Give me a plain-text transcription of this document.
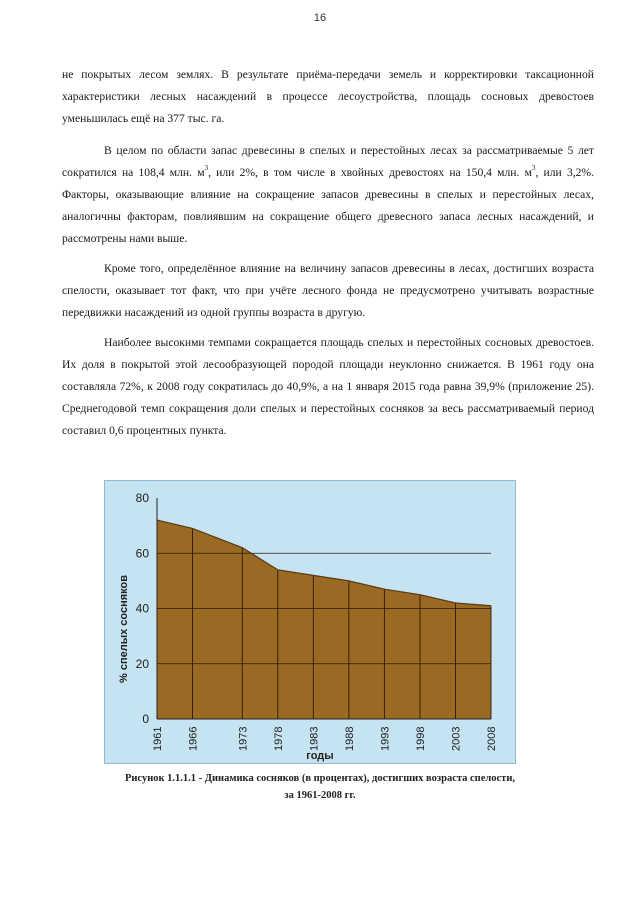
16

не покрытых лесом землях. В результате приёма-передачи земель и корректировки таксационной характеристики лесных насаждений в процессе лесоустройства, площадь сосновых древостоев уменьшилась ещё на 377 тыс. га.

В целом по области запас древесины в спелых и перестойных лесах за рассматриваемые 5 лет сократился на 108,4 млн. $м^3$, или 2%, в том числе в хвойных древостоях на 150,4 млн. $м^3$, или 3,2%. Факторы, оказывающие влияние на сокращение запасов древесины в спелых и перестойных лесах, аналогичны факторам, повлиявшим на сокращение общего древесного запаса лесных насаждений, и рассмотрены нами выше.

Кроме того, определённое влияние на величину запасов древесины в лесах, достигших возраста спелости, оказывает тот факт, что при учёте лесного фонда не предусмотрено учитывать возрастные передвижки насаждений из одной группы возраста в другую.

Наиболее высокими темпами сокращается площадь спелых и перестойных сосновых древостоев. Их доля в покрытой этой лесообразующей породой площади неуклонно снижается. В 1961 году она составляла 72%, к 2008 году сократилась до 40,9%, а на 1 января 2015 года равна 39,9% (приложение 25). Среднегодовой темп сокращения доли спелых и перестойных сосняков за весь рассматриваемый период составил 0,6 процентных пункта.

0
20
40
60
80
1961 1966	1973 1978 1983 1988 1993 1998 2003 2008
% спелых сосняков
годы
Рисунок 1.1.1.1 - Динамика сосняков (в процентах), достигших возраста спелости,
за 1961-2008 гг.
